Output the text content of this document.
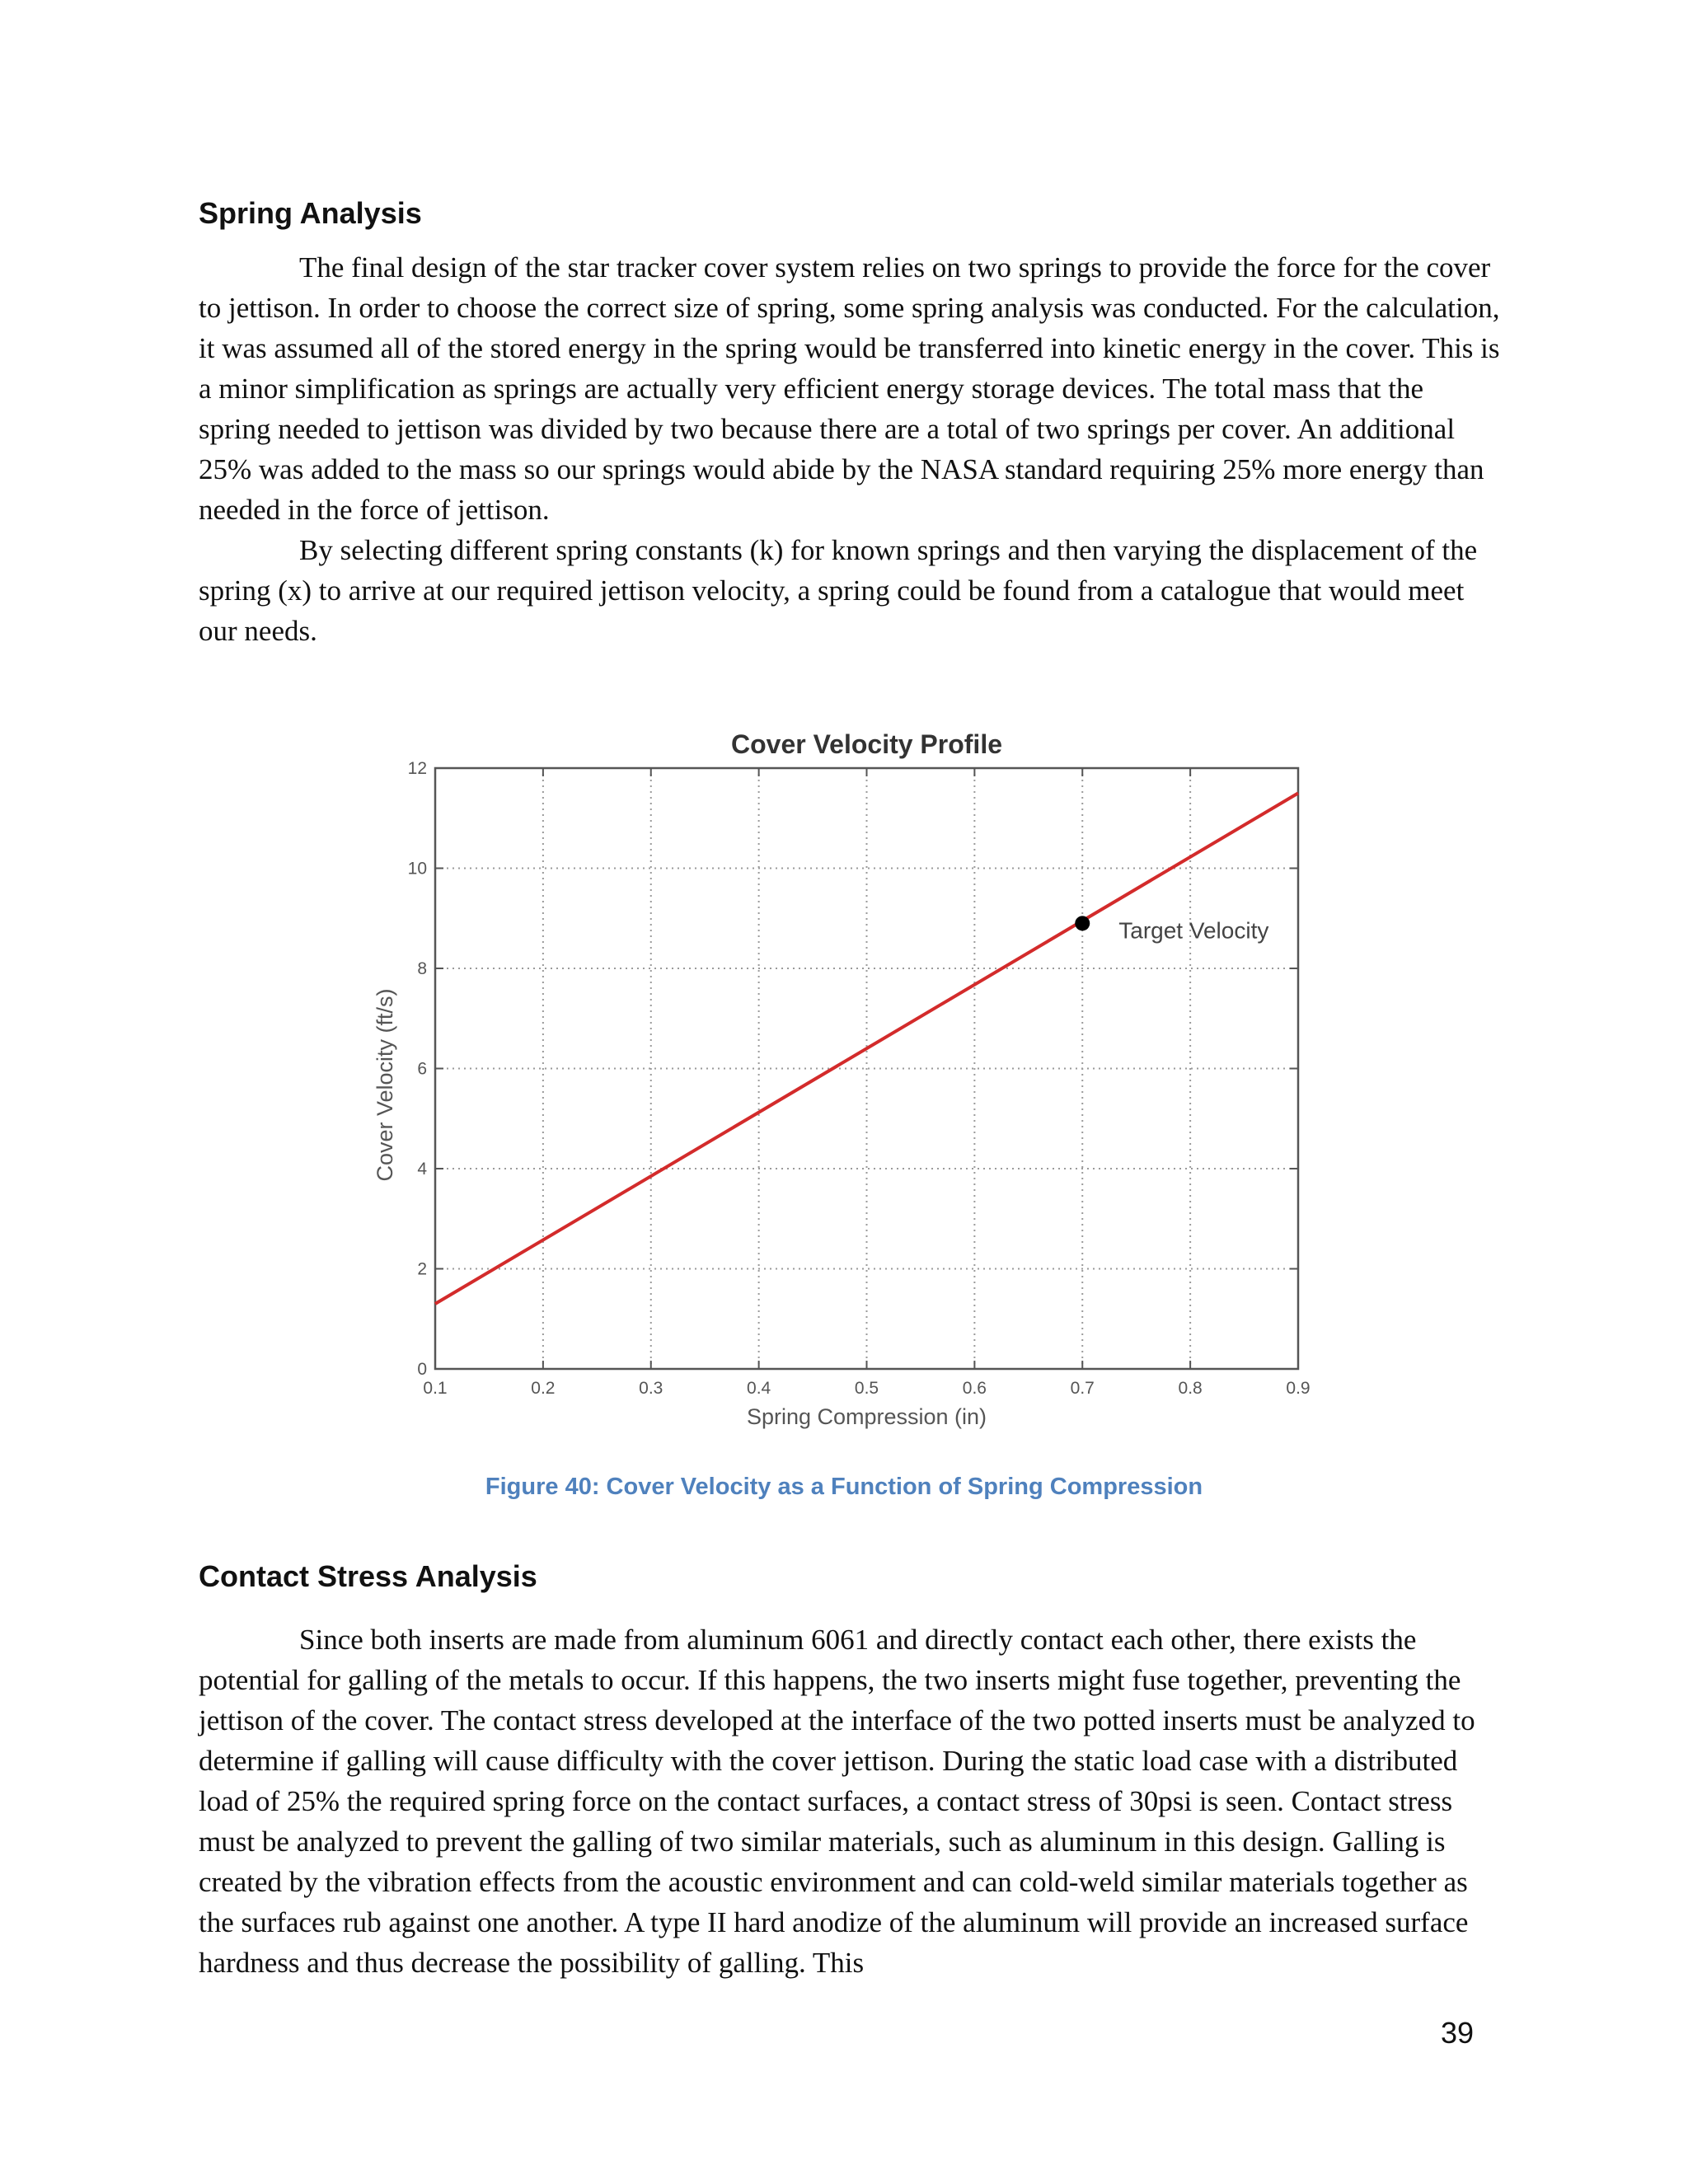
Spring Analysis

The final design of the star tracker cover system relies on two springs to provide the force for the cover to jettison. In order to choose the correct size of spring, some spring analysis was conducted. For the calculation, it was assumed all of the stored energy in the spring would be transferred into kinetic energy in the cover. This is a minor simplification as springs are actually very efficient energy storage devices. The total mass that the spring needed to jettison was divided by two because there are a total of two springs per cover. An additional 25% was added to the mass so our springs would abide by the NASA standard requiring 25% more energy than needed in the force of jettison.

By selecting different spring constants (k) for known springs and then varying the displacement of the spring (x) to arrive at our required jettison velocity, a spring could be found from a catalogue that would meet our needs.

0.1	0.2	0.3	0.4	0.5	0.6	0.7	0.8	0.9
0
2
4
6
8
10
12
Target Velocity
Cover Velocity Profile
Spring Compression (in)
Cover Velocity (ft/s)

Figure 40: Cover Velocity as a Function of Spring Compression

Contact Stress Analysis

Since both inserts are made from aluminum 6061 and directly contact each other, there exists the potential for galling of the metals to occur. If this happens, the two inserts might fuse together, preventing the jettison of the cover. The contact stress developed at the interface of the two potted inserts must be analyzed to determine if galling will cause difficulty with the cover jettison. During the static load case with a distributed load of 25% the required spring force on the contact surfaces, a contact stress of 30psi is seen. Contact stress must be analyzed to prevent the galling of two similar materials, such as aluminum in this design. Galling is created by the vibration effects from the acoustic environment and can cold-weld similar materials together as the surfaces rub against one another. A type II hard anodize of the aluminum will provide an increased surface hardness and thus decrease the possibility of galling. This

39
